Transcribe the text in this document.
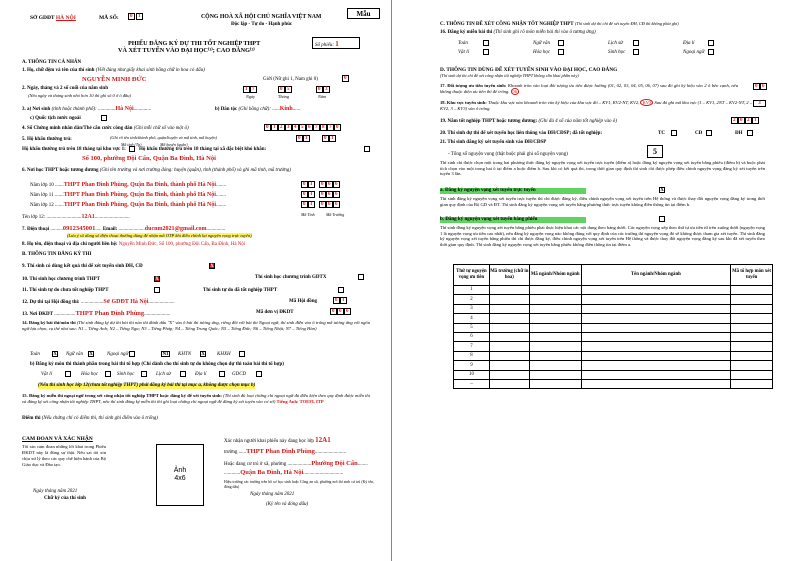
SỞ GDĐT HÀ NỘI	MÃ SỐ:	0	1	CỘNG HOÀ XÃ HỘI CHỦ NGHĨA VIỆT NAM
Độc lập - Tự do - Hạnh phúc
Mẫu
PHIẾU ĐĂNG KÝ DỰ THI TỐT NGHIỆP THPT
VÀ XÉT TUYỂN VÀO ĐẠI HỌC⁽¹⁾; CAO ĐẲNG⁽²⁾
Số phiếu: 1
A. THÔNG TIN CÁ NHÂN
1. Họ, chữ đệm và tên của thí sinh (Viết đúng như giấy khai sinh bằng chữ in hoa có dấu)
NGUYỄN MINH ĐỨC	Giới (Nữ ghi 1, Nam ghi 0)	0
2. Ngày, tháng và 2 số cuối của năm sinh
(Nếu ngày và tháng sinh nhỏ hơn 10 thì ghi số 0 ở ô đầu)
1 7	0 5	0 3
Ngày	Tháng	Năm
3. a) Nơi sinh (tỉnh hoặc thành phố): ..............Hà Nội..............	b) Dân tộc (Ghi bằng chữ): ......Kinh......
c) Quốc tịch nước ngoài
4. Số Chứng minh nhân dân/Thẻ căn cước công dân (Ghi mỗi chữ số vào một ô)	0 1 2 3 4 5 6 7 8 7 0
5. Hộ khẩu thường trú:	(Ghi rõ tên tỉnh/thành phố, quận/huyện và mã tỉnh, mã huyện)	0 1	0 1
Mã tỉnh (Tp)	Mã huyện (quận)
Hộ khẩu thường trú trên 18 tháng tại khu vực 1:	Hộ khẩu thường trú trên 18 tháng tại xã đặc biệt khó khăn:
Số 100, phường Đội Cấn, Quận Ba Đình, Hà Nội
6. Nơi học THPT hoặc tương đương (Ghi tên trường và nơi trường đóng: huyện (quận), tỉnh (thành phố) và ghi mã tỉnh, mã trường)
Năm lớp 10 .......THPT Phan Đình Phùng, Quận Ba Đình, thành phố Hà Nội........	0 1	0 6 6
Năm lớp 11 .......THPT Phan Đình Phùng, Quận Ba Đình, thành phố Hà Nội........	0 1	0 6 6
Năm lớp 12 .......THPT Phan Đình Phùng, Quận Ba Đình, thành phố Hà Nội........	0 1	0 6 6
Tên lớp 12: ............................12A1............................
Mã Tỉnh	Mã Trường
7. Điện thoại ..........0912345001..... Email: .....................ducnm2021@gmail.com...............
(Lưu ý số dùng số điện thoại thường dùng để nhận mã OTP khi điều chỉnh lại nguyện vọng trực tuyến)
8. Họ tên, điện thoại và địa chỉ người liên hệ: Nguyễn Minh Đức, Số 100, phường Đội Cấn, Ba Đình, Hà Nội
B. THÔNG TIN ĐĂNG KÝ THI
9. Thí sinh có dùng kết quả thi để xét tuyển sinh ĐH, CĐ	X
10. Thí sinh học chương trình THPT	X	Thí sinh học chương trình GDTX
11. Thí sinh tự do chưa tốt nghiệp THPT	Thí sinh tự do đã tốt nghiệp THPT
12. Dự thi tại Hội đồng thi: ..................Sở GDĐT Hà Nội.....................	Mã Hội đồng	0 1
13. Nơi ĐKDT .................THPT Phan Đình Phùng.....................	Mã đơn vị ĐKDT	0 6 6
14. Đăng ký bài thi/môn thi (Thí sinh đăng ký dự thi bài thi nào thì đánh dấu "X" vào ô bài thi tương ứng, riêng đối với bài thi Ngoại ngữ, thí sinh điền vào ô trống mã tương ứng với ngôn ngữ lựa chọn, cụ thể như sau: N1 – Tiếng Anh; N2 – Tiếng Nga; N3 – Tiếng Pháp; N4 – Tiếng Trung Quốc; N5 – Tiếng Đức; N6 – Tiếng Nhật; N7 – Tiếng Hàn)
Toán	X Ngữ văn X	Ngoại ngữ	N1 KHTN X KHXH
b) Đăng ký môn thi thành phần trong bài thi tổ hợp (Chỉ dành cho thí sinh tự do không chọn dự thi toàn bài thi tổ hợp)
Vật lí	Hóa học	Sinh học	Lịch sử	Địa lí	GDCD
(Nếu thí sinh học lớp 12(chưa tốt nghiệp THPT) phải đăng ký bài thi tại mục a, không được chọn mục b)
15. Đăng ký miễn thi ngoại ngữ trong xét công nhận tốt nghiệp THPT hoặc đăng ký để xét tuyển sinh: (Thí sinh đủ loại chứng chỉ ngoại ngữ đủ điều kiện theo quy định được miễn thi và đăng ký xét công nhận tốt nghiệp THPT, nếu thí sinh đăng ký miễn thi thì ghi loại chứng chỉ ngoại ngữ để đăng ký xét tuyển vào cơ sở) Tiếng Anh: TOEFL ITP
Điểm thi (Nếu chứng chỉ có điểm thi, thí sinh ghi điểm vào ô trống)
CAM ĐOAN VÀ XÁC NHẬN
Tôi xin cam đoan những lời khai trong Phiếu ĐKDT này là đúng sự thật. Nếu sai tôi xin chịu xử lý theo các quy chế hiện hành của Bộ Giáo dục và Đào tạo.
Ngày tháng năm 2021
Chữ ký của thí sinh
Ảnh
4x6
Xác nhận người khai phiếu này đang học lớp 12A1
trường ......THPT Phan Đình Phùng.........................
Hoặc đang cư trú ở xã, phường ...................Phường Đội Cấn........
.............Quận Ba Đình, Hà Nội................................
Hiệu trưởng các trường trên hồ sơ học sinh hoặc Công an xã, phường nơi thí sinh cư trú (Ký tên, đóng dấu)
Ngày tháng năm 2021
(Ký tên và đóng dấu)
C. THÔNG TIN ĐỂ XÉT CÔNG NHẬN TỐT NGHIỆP THPT (Thí sinh dự thi chỉ để xét tuyển ĐH, CĐ thì không phải ghi)
16. Đăng ký miễn bài thi (Thí sinh ghi rõ môn miễn bài thi vào ô tương ứng)
Toán	Ngữ văn	Lịch sử	Địa lí
Vật lí	Hóa học	Sinh học	Ngoại ngữ
D. THÔNG TIN DÙNG ĐỂ XÉT TUYỂN SINH VÀO ĐẠI HỌC, CAO ĐẲNG
(Thí sinh dự thi chỉ để xét công nhận tốt nghiệp THPT không cần khai phần này)
17. Đối tượng ưu tiên tuyển sinh: Khoanh tròn vào loại đối tượng ưu tiên được hưởng (01, 02, 03, 04, 05, 06, 07) sau đó ghi ký hiệu vào 2 ô bên cạnh, nếu không thuộc diện ưu tiên thì để trống. 06
0 6
18. Khu vực tuyển sinh: Thuộc khu vực nào khoanh tròn vào ký hiệu của khu vực đó – KV1, KV2-NT, KV2, KV3 Sau đó ghi mã khu vực (1 – KV1, 2NT – KV2-NT, 2 – KV2, 3 – KV3) vào ô trống.
3
19. Năm tốt nghiệp THPT hoặc tương đương: (Ghi đủ 4 số của năm tốt nghiệp vào ô)	2 0 2 1
20. Thí sinh dự thi để xét tuyển học liên thông vào ĐH/CĐSP; đã tốt nghiệp:	TC	CĐ	ĐH
21. Thí sinh đăng ký xét tuyển sinh vào ĐH/CĐSP
- Tổng số nguyện vọng (thật buộc phải ghi số nguyện vọng)	5
Thí sinh chỉ được chọn một trong hai phương thức đăng ký nguyện vọng xét tuyển trực tuyến (điểm a) hoặc đăng ký nguyện vọng xét tuyển bằng phiếu (điểm b) và buộc phải tích chọn vào một trong hai ô tại điểm a hoặc điểm b. Sau khi có kết quả thi, trong thời gian quy định thí sinh chỉ được phép điều chỉnh nguyện vọng đăng ký xét tuyển trên tuyển 3 lần.
a. Đăng ký nguyện vọng xét tuyển trực tuyến	X
Thí sinh đăng ký nguyện vọng xét tuyển trực tuyến thì chỉ được đăng ký, điều chỉnh nguyện vọng xét tuyển trên Hệ thống và được thay đổi nguyện vọng đăng ký trong thời gian quy định của Bộ GD và ĐT. Thí sinh đăng ký nguyện vọng xét tuyển bằng phương thức trực tuyến không điền thông tin tại điểm b.
b. Đăng ký nguyện vọng xét tuyển bằng phiếu
Thí sinh đăng ký nguyện vọng xét tuyển bằng phiếu phải thực hiện khai các nội dung theo bảng dưới. Các nguyện vọng xếp theo thứ tự ưu tiên từ trên xuống dưới (nguyện vọng 1 là nguyện vọng ưu tiên cao nhất), nếu đăng ký nguyện vọng nào không đúng với quy định của các trường thì nguyện vọng đó sẽ không được tham gia xét tuyển. Thí sinh đăng ký nguyện vọng xét tuyển bằng phiếu thì chỉ được đăng ký, điều chỉnh nguyện vọng xét tuyển trên Hệ thống và được thay đổi nguyện vọng đăng ký sau khi đã xét tuyển theo thời gian quy định. Thí sinh đăng ký nguyện vọng xét tuyển bằng phiếu không điền thông tin tại điểm a.
Thứ tự nguyện vọng ưu tiên	Mã trường (chữ in hoa)	Mã ngành/Nhóm ngành	Tên ngành/Nhóm ngành	Mã tổ hợp môn xét tuyển
1				
2				
3				
4				
5				
6				
7				
8				
9				
10				
...				
